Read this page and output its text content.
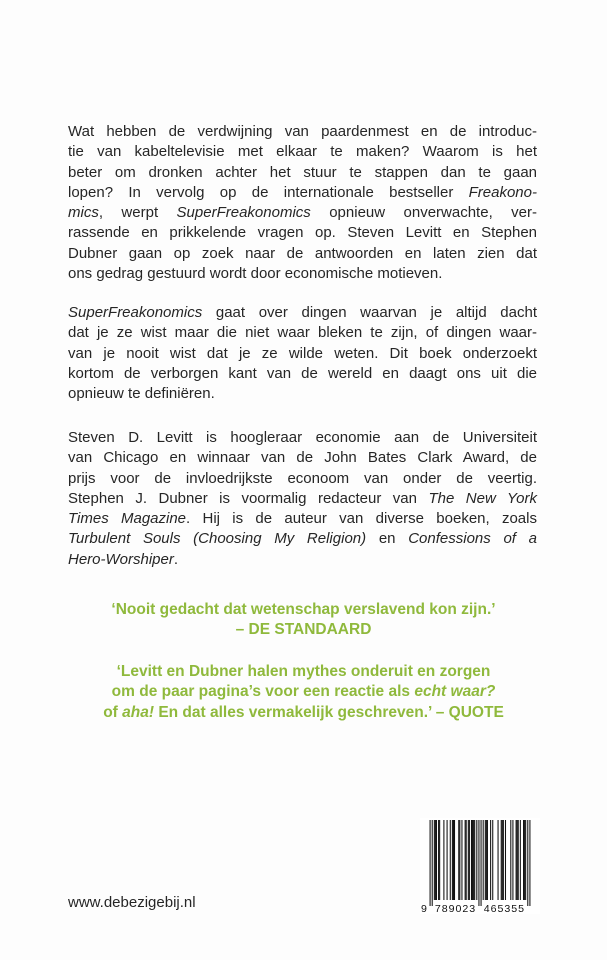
Wat hebben de verdwijning van paardenmest en de introduc-
tie van kabeltelevisie met elkaar te maken? Waarom is het
beter om dronken achter het stuur te stappen dan te gaan
lopen? In vervolg op de internationale bestseller Freakono-
mics, werpt SuperFreakonomics opnieuw onverwachte, ver-
rassende en prikkelende vragen op. Steven Levitt en Stephen
Dubner gaan op zoek naar de antwoorden en laten zien dat
ons gedrag gestuurd wordt door economische motieven.
SuperFreakonomics gaat over dingen waarvan je altijd dacht
dat je ze wist maar die niet waar bleken te zijn, of dingen waar-
van je nooit wist dat je ze wilde weten. Dit boek onderzoekt
kortom de verborgen kant van de wereld en daagt ons uit die
opnieuw te definiëren.
Steven D. Levitt is hoogleraar economie aan de Universiteit
van Chicago en winnaar van de John Bates Clark Award, de
prijs voor de invloedrijkste econoom van onder de veertig.
Stephen J. Dubner is voormalig redacteur van The New York
Times Magazine. Hij is de auteur van diverse boeken, zoals
Turbulent Souls (Choosing My Religion) en Confessions of a
Hero-Worshiper.
‘Nooit gedacht dat wetenschap verslavend kon zijn.’
– DE STANDAARD
‘Levitt en Dubner halen mythes onderuit en zorgen
om de paar pagina’s voor een reactie als echt waar?
of aha! En dat alles vermakelijk geschreven.’ – QUOTE
www.debezigebij.nl	9 789023 465355
